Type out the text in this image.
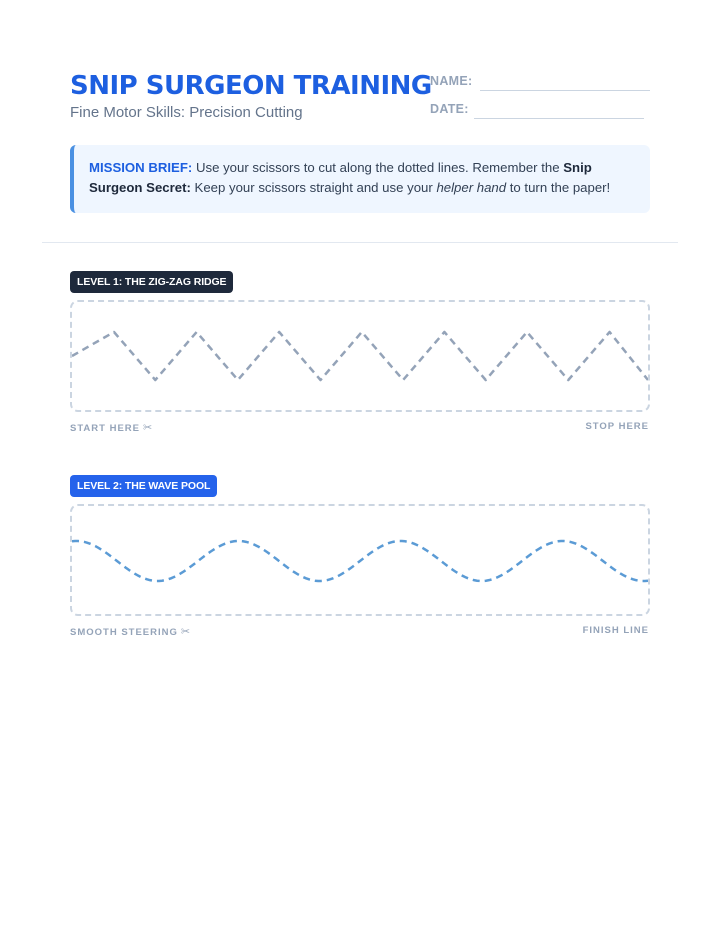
SNIP SURGEON TRAINING
Fine Motor Skills: Precision Cutting
NAME:
DATE:
MISSION BRIEF: Use your scissors to cut along the dotted lines. Remember the Snip Surgeon Secret: Keep your scissors straight and use your helper hand to turn the paper!
LEVEL 1: THE ZIG-ZAG RIDGE
START HERE ✂	STOP HERE
LEVEL 2: THE WAVE POOL
SMOOTH STEERING ✂	FINISH LINE
